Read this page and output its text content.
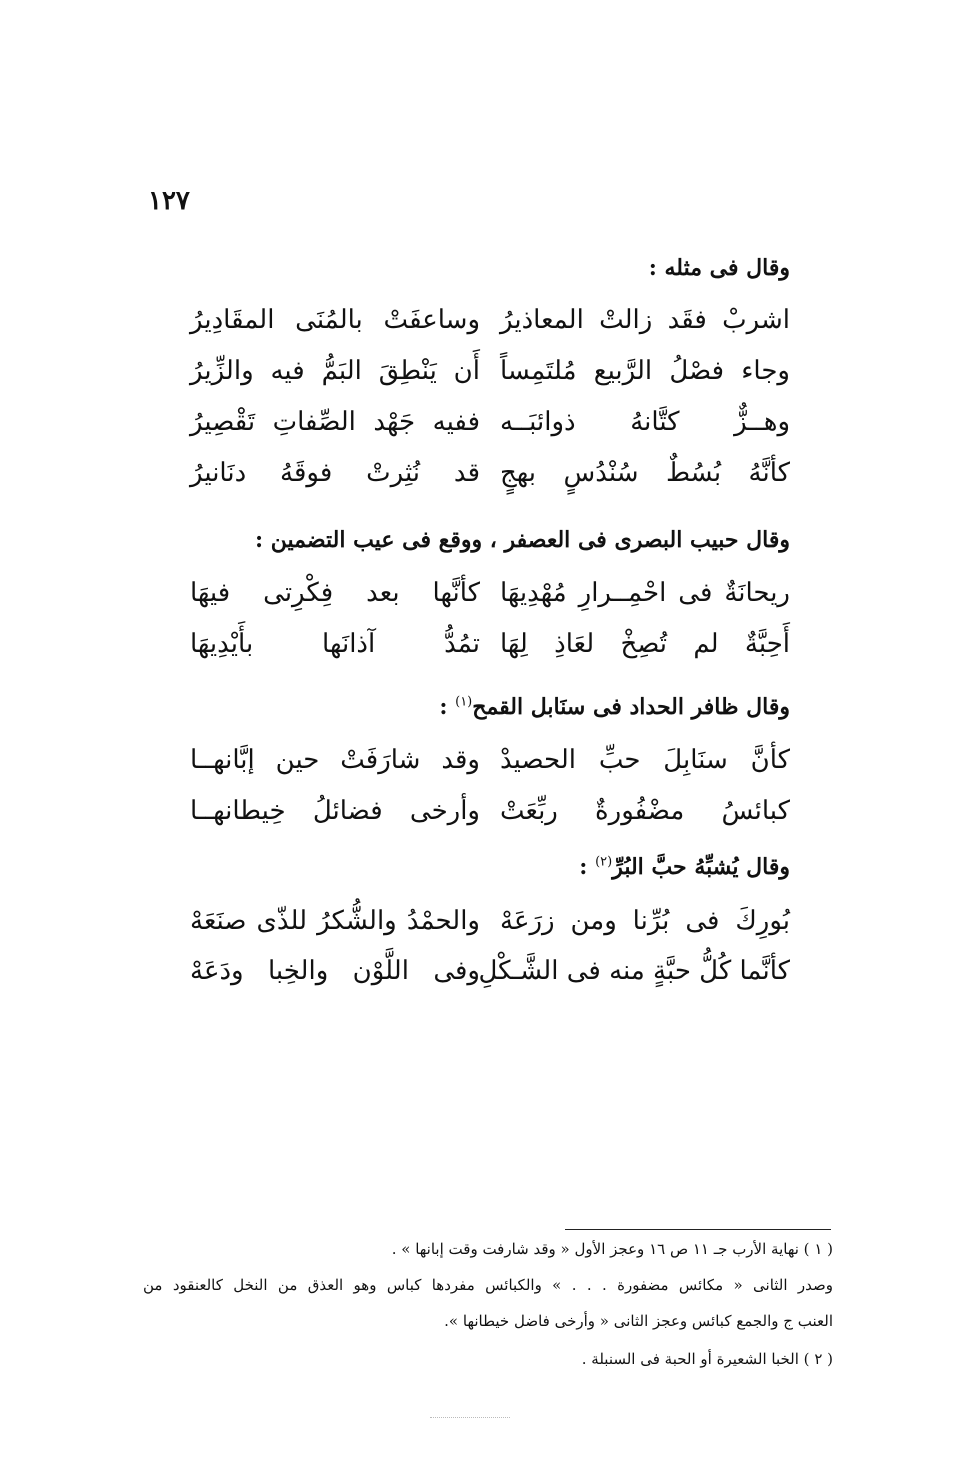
١٢٧
وقال فى مثله :
اشربْ فقَد زالتْ المعاذيرُ
وساعفَتْ بالمُنَى المقَادِيرُ
وجاء فصْلُ الرَّبيع مُلتَمِساً
أَن يَنْطِقَ البَمُّ فيه والزِّيرُ
وهــزٌّ كتَّانهُ ذوائبَــه
ففيه جَهْد الصِّفاتِ تَقْصِيرُ
كأنَّهُ بُسُطٌ سُنْدُسٍ بهجٍ
قد نُثِرتْ فوقَهُ دنَانيرُ
وقال حبيب البصرى فى العصفر ، ووقع فى عيب التضمين :
ريحانَةٌ فى احْمِــرارِ مُهْدِيهَا
كأنَّها بعد فِكْرِتى فيهَا
أَحِبَّةٌ لم تُصِخْ لعَاذِ لِهَا
تمُدُّ آذانَها بأَيْدِيهَا
وقال ظافر الحداد فى سنَابل القمح$^{(١)}$ :
كأنَّ سنَابِلَ حبِّ الحصيدْ
وقد شارَفَتْ حين إبَّانهــا
كبائسُ مضْفُورةٌ ربِّعَتْ
وأرخى فضائلُ خِيطانهــا
وقال يُشبِّهُ حبَّ البُرِّ$^{(٢)}$ :
بُورِكَ فى بُرِّنا ومن زرَعَهْ
والحمْدُ والشُّكرُ للذّى صنَعَهْ
كأنَّما كُلُّ حبَّةٍ منه فى الشَّـكْلِ
وفى اللَّوْن والخِبا ودَعَهْ
( ١ ) نهاية الأرب جـ ١١ ص ١٦ وعجز الأول « وقد شارفت وقت إبانها » .
وصدر الثانى « مكائس مضفورة . . . » والكبائس مفردها كباس وهو العذق من النخل كالعنقود من
العنب ج والجمع كبائس وعجز الثانى « وأرخى فاضل خيطانها ».
( ٢ ) الخبا الشعيرة أو الحبة فى السنبلة .
